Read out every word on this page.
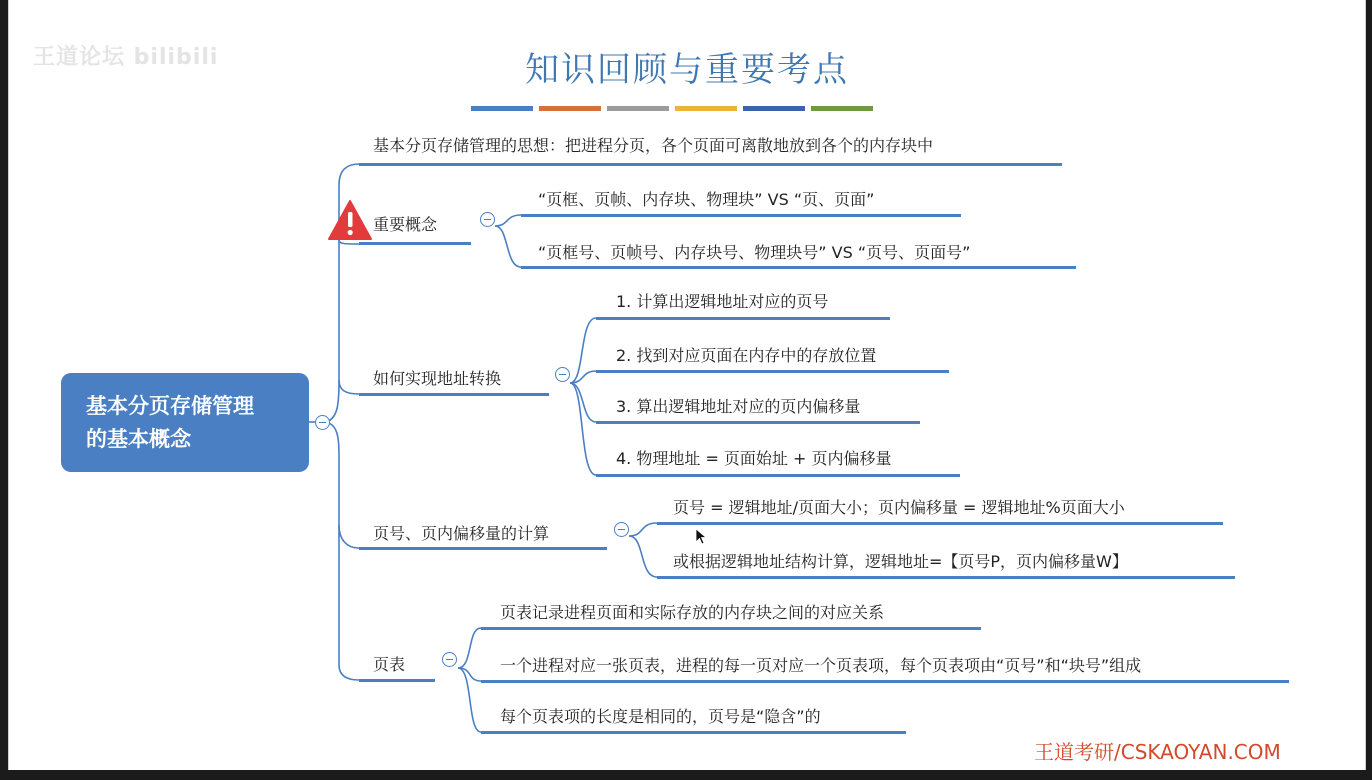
王道论坛 bilibili	知识回顾与重要考点
基本分页存储管理
的基本概念
基本分页存储管理的思想：把进程分页，各个页面可离散地放到各个的内存块中
重要概念
“页框、页帧、内存块、物理块” VS “页、页面”
“页框号、页帧号、内存块号、物理块号” VS “页号、页面号”
如何实现地址转换
1. 计算出逻辑地址对应的页号
2. 找到对应页面在内存中的存放位置
3. 算出逻辑地址对应的页内偏移量
4. 物理地址 = 页面始址 + 页内偏移量
页号、页内偏移量的计算
页号 = 逻辑地址/页面大小；页内偏移量 = 逻辑地址%页面大小
或根据逻辑地址结构计算，逻辑地址=【页号P，页内偏移量W】
页表
页表记录进程页面和实际存放的内存块之间的对应关系
一个进程对应一张页表，进程的每一页对应一个页表项，每个页表项由“页号”和“块号”组成
每个页表项的长度是相同的，页号是“隐含”的
王道考研/CSKAOYAN.COM
